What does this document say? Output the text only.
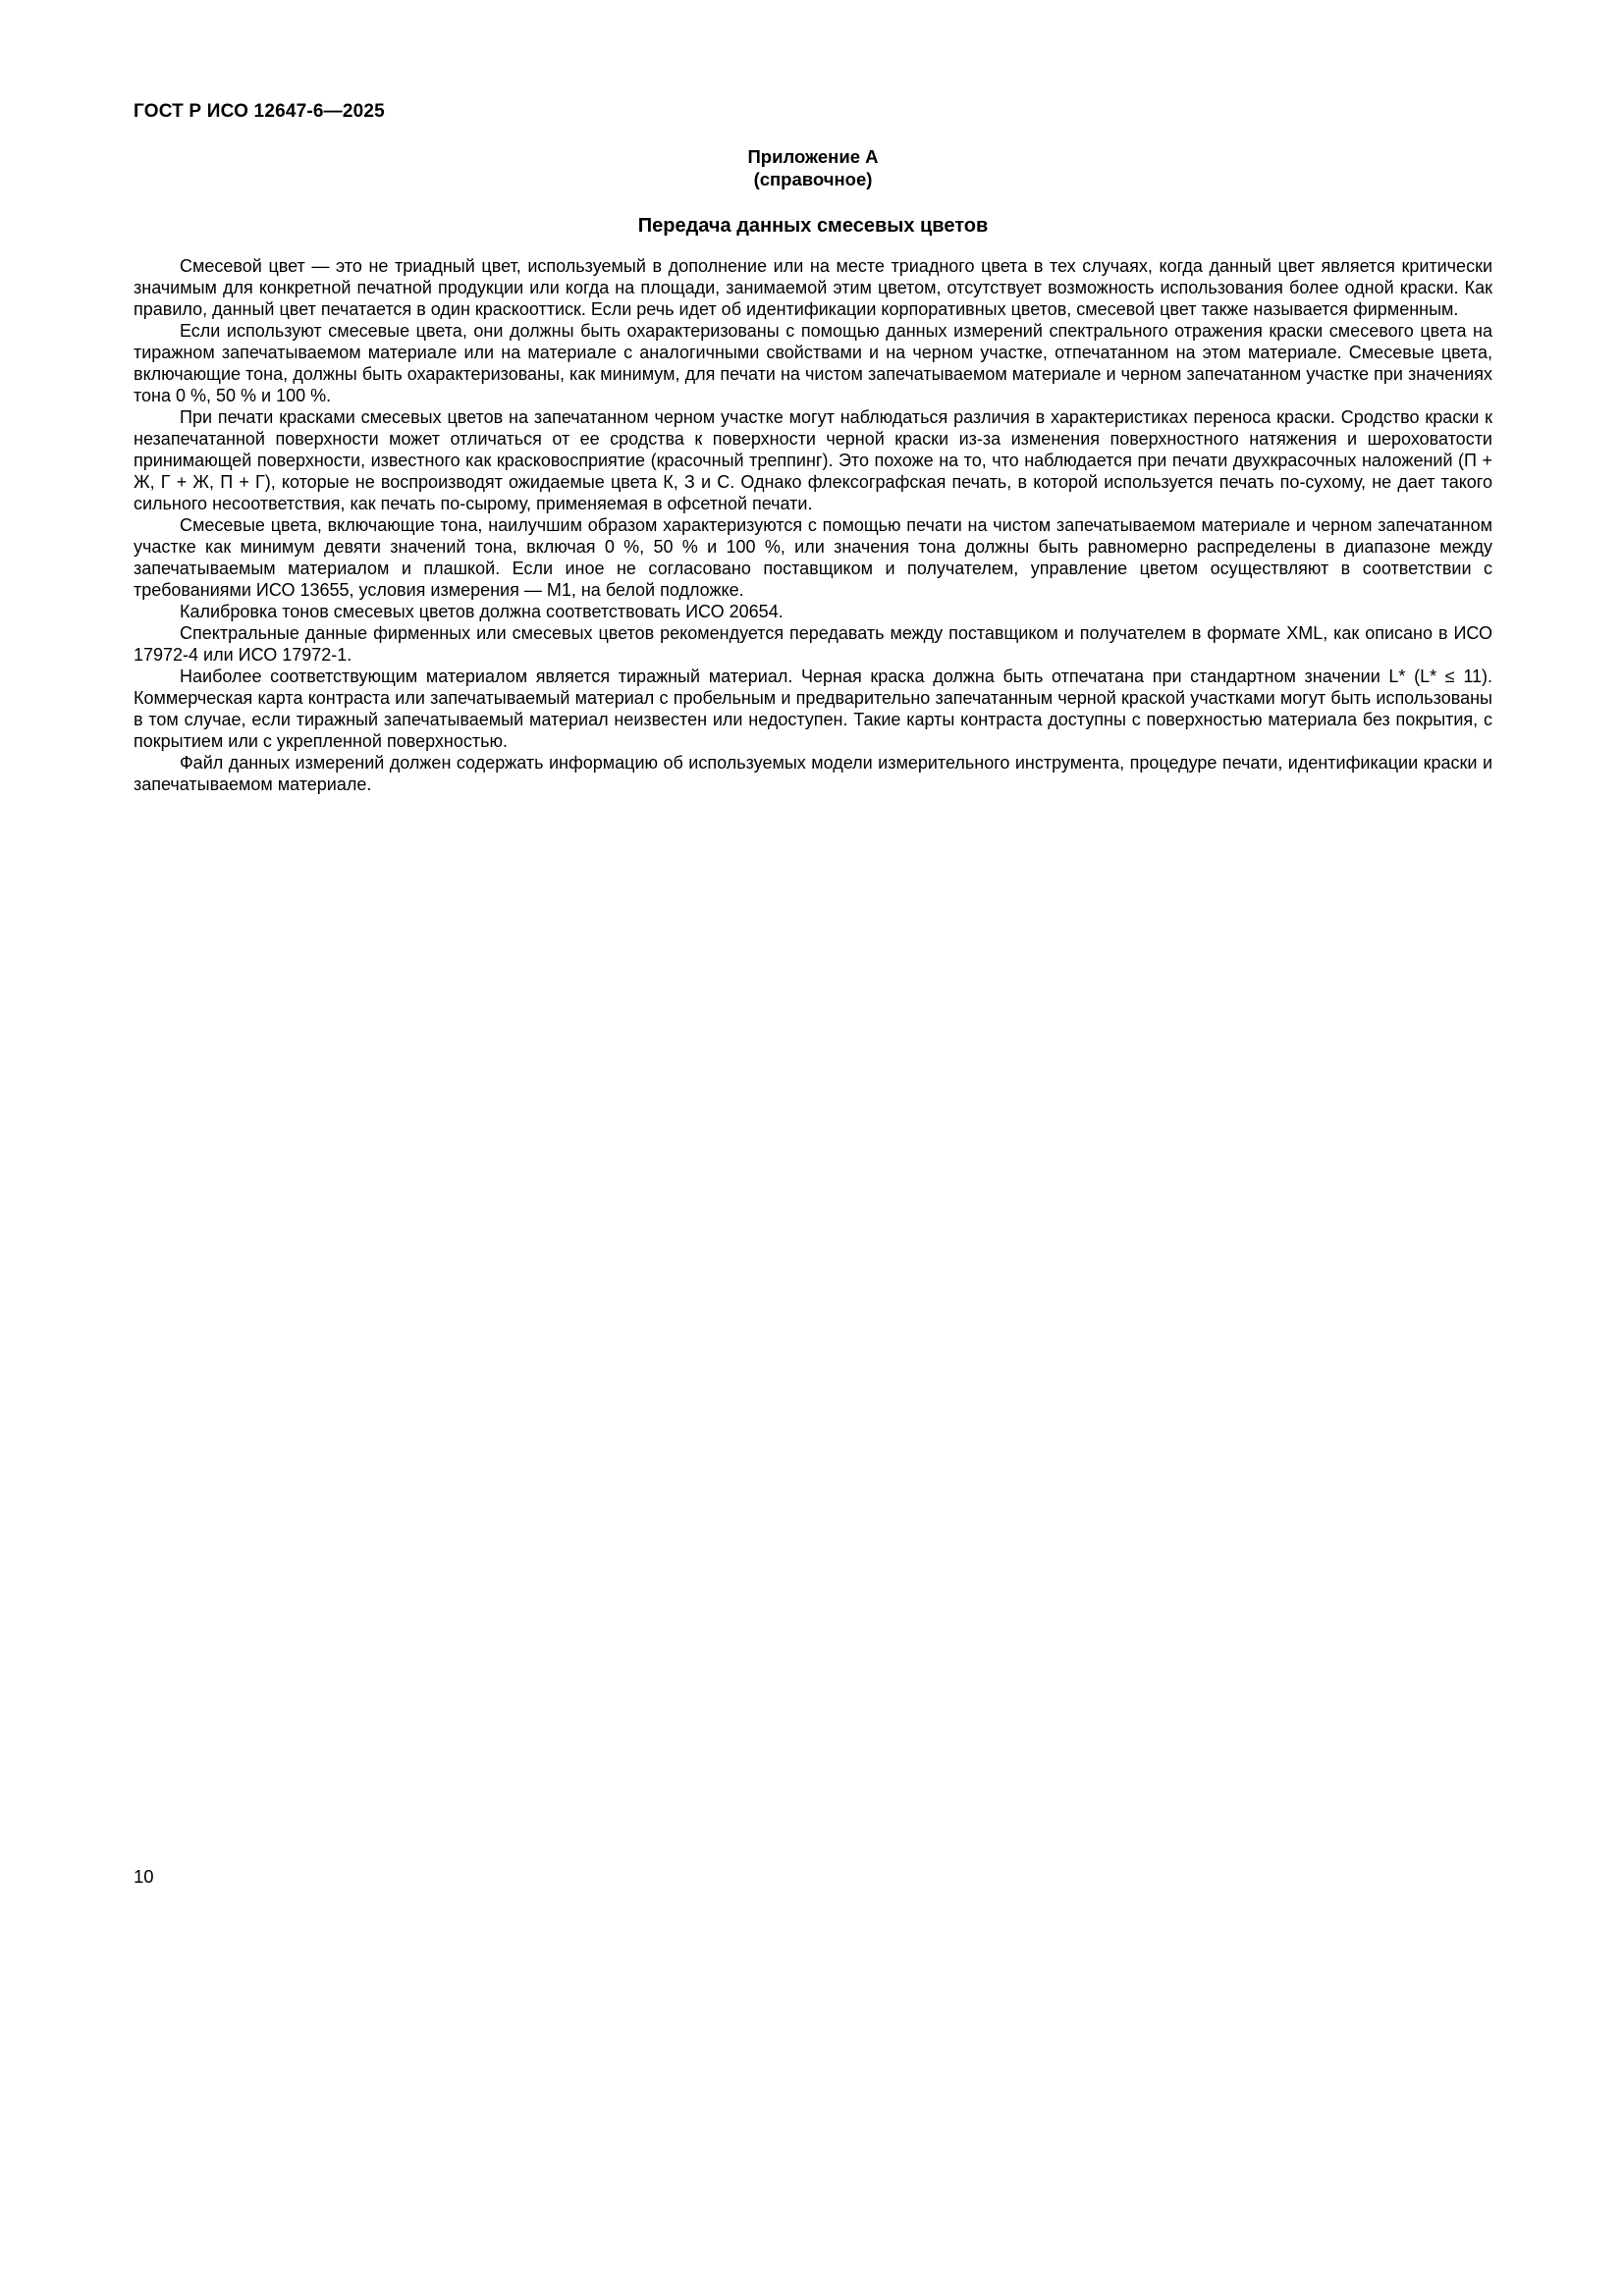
ГОСТ Р ИСО 12647-6—2025

Приложение А

(справочное)

Передача данных смесевых цветов

Смесевой цвет — это не триадный цвет, используемый в дополнение или на месте триадного цвета в тех случаях, когда данный цвет является критически значимым для конкретной печатной продукции или когда на площади, занимаемой этим цветом, отсутствует возможность использования более одной краски. Как правило, данный цвет печатается в один краскооттиск. Если речь идет об идентификации корпоративных цветов, смесевой цвет также называется фирменным.

Если используют смесевые цвета, они должны быть охарактеризованы с помощью данных измерений спектрального отражения краски смесевого цвета на тиражном запечатываемом материале или на материале с аналогичными свойствами и на черном участке, отпечатанном на этом материале. Смесевые цвета, включающие тона, должны быть охарактеризованы, как минимум, для печати на чистом запечатываемом материале и черном запечатанном участке при значениях тона 0 %, 50 % и 100 %.

При печати красками смесевых цветов на запечатанном черном участке могут наблюдаться различия в характеристиках переноса краски. Сродство краски к незапечатанной поверхности может отличаться от ее сродства к поверхности черной краски из-за изменения поверхностного натяжения и шероховатости принимающей поверхности, известного как красковосприятие (красочный треппинг). Это похоже на то, что наблюдается при печати двухкрасочных наложений (П + Ж, Г + Ж, П + Г), которые не воспроизводят ожидаемые цвета К, З и С. Однако флексографская печать, в которой используется печать по-сухому, не дает такого сильного несоответствия, как печать по-сырому, применяемая в офсетной печати.

Смесевые цвета, включающие тона, наилучшим образом характеризуются с помощью печати на чистом запечатываемом материале и черном запечатанном участке как минимум девяти значений тона, включая 0 %, 50 % и 100 %, или значения тона должны быть равномерно распределены в диапазоне между запечатываемым материалом и плашкой. Если иное не согласовано поставщиком и получателем, управление цветом осуществляют в соответствии с требованиями ИСО 13655, условия измерения — М1, на белой подложке.

Калибровка тонов смесевых цветов должна соответствовать ИСО 20654.

Спектральные данные фирменных или смесевых цветов рекомендуется передавать между поставщиком и получателем в формате XML, как описано в ИСО 17972-4 или ИСО 17972-1.

Наиболее соответствующим материалом является тиражный материал. Черная краска должна быть отпечатана при стандартном значении L* (L* ≤ 11). Коммерческая карта контраста или запечатываемый материал с пробельным и предварительно запечатанным черной краской участками могут быть использованы в том случае, если тиражный запечатываемый материал неизвестен или недоступен. Такие карты контраста доступны с поверхностью материала без покрытия, с покрытием или с укрепленной поверхностью.

Файл данных измерений должен содержать информацию об используемых модели измерительного инструмента, процедуре печати, идентификации краски и запечатываемом материале.

10
